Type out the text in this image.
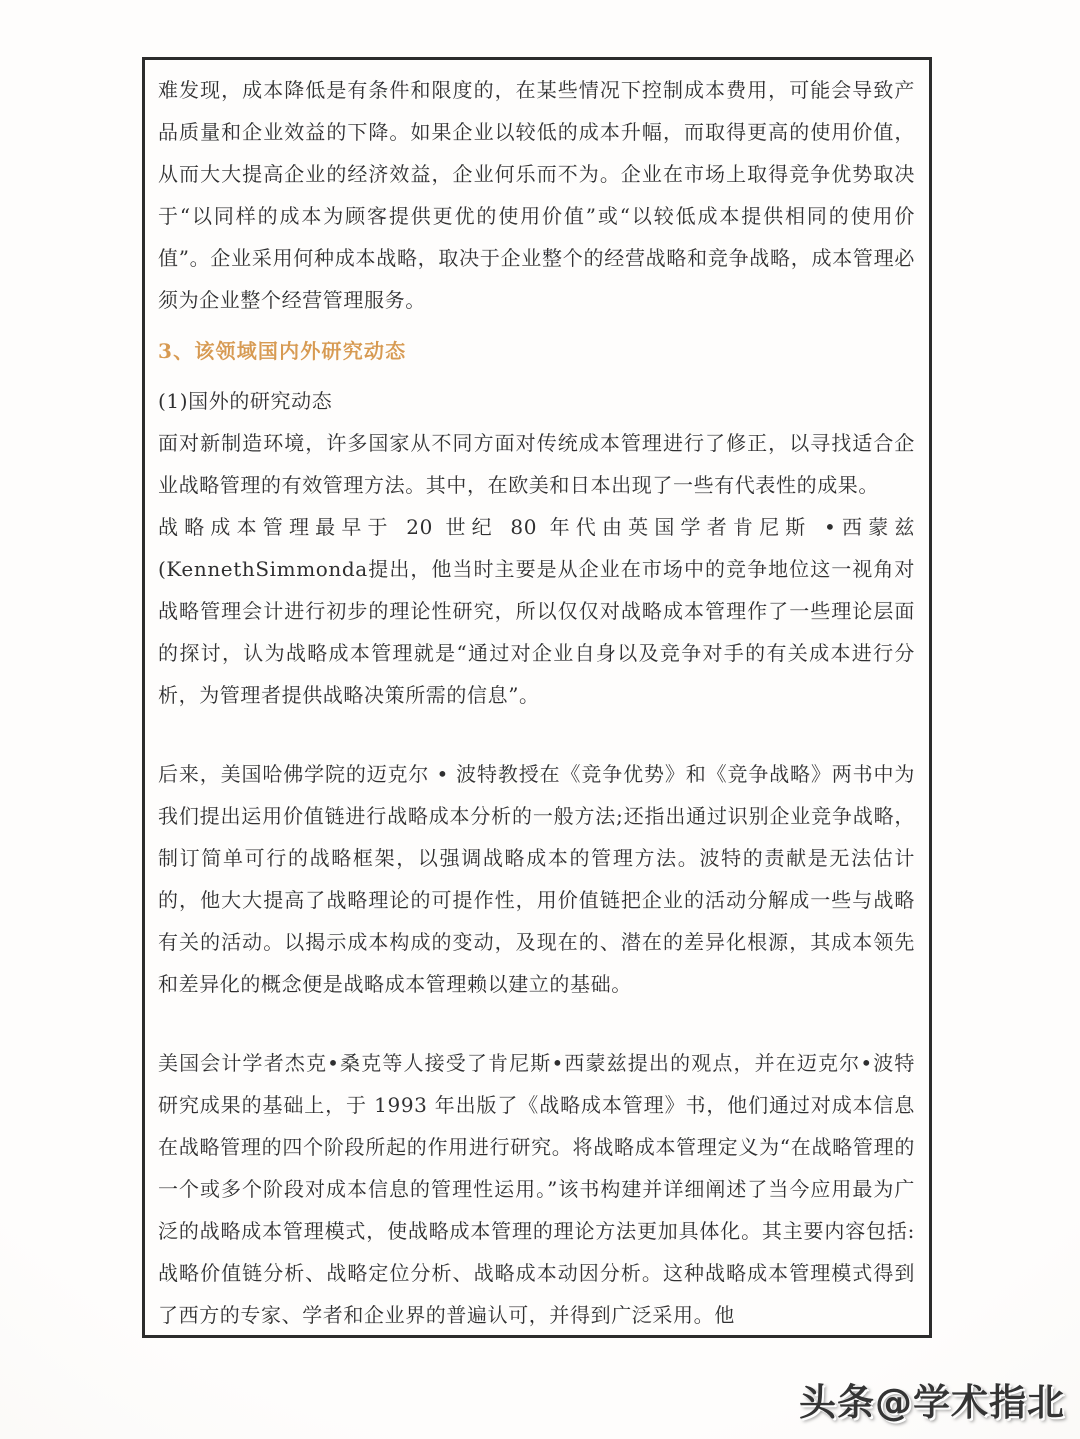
难发现，成本降低是有条件和限度的，在某些情况下控制成本费用，可能会导致产品质量和企业效益的下降。如果企业以较低的成本升幅，而取得更高的使用价值，从而大大提高企业的经济效益，企业何乐而不为。企业在市场上取得竞争优势取决于“以同样的成本为顾客提供更优的使用价值”或“以较低成本提供相同的使用价值”。企业采用何种成本战略，取决于企业整个的经营战略和竞争战略，成本管理必须为企业整个经营管理服务。

3、该领域国内外研究动态

(1)国外的研究动态

面对新制造环境，许多国家从不同方面对传统成本管理进行了修正，以寻找适合企业战略管理的有效管理方法。其中，在欧美和日本出现了一些有代表性的成果。

战略成本管理最早于 20 世纪 80 年代由英国学者肯尼斯 •西蒙兹(KennethSimmonda提出，他当时主要是从企业在市场中的竞争地位这一视角对战略管理会计进行初步的理论性研究，所以仅仅对战略成本管理作了一些理论层面的探讨，认为战略成本管理就是“通过对企业自身以及竞争对手的有关成本进行分析，为管理者提供战略决策所需的信息”。

后来，美国哈佛学院的迈克尔 • 波特教授在《竞争优势》和《竞争战略》两书中为我们提出运用价值链进行战略成本分析的一般方法;还指出通过识别企业竞争战略，制订简单可行的战略框架，以强调战略成本的管理方法。波特的责献是无法估计的，他大大提高了战略理论的可提作性，用价值链把企业的活动分解成一些与战略有关的活动。以揭示成本构成的变动，及现在的、潜在的差异化根源，其成本领先和差异化的概念便是战略成本管理赖以建立的基础。

美国会计学者杰克•桑克等人接受了肯尼斯•西蒙兹提出的观点，并在迈克尔•波特研究成果的基础上，于 1993 年出版了《战略成本管理》书，他们通过对成本信息在战略管理的四个阶段所起的作用进行研究。将战略成本管理定义为“在战略管理的一个或多个阶段对成本信息的管理性运用。”该书构建并详细阐述了当今应用最为广泛的战略成本管理模式，使战略成本管理的理论方法更加具体化。其主要内容包括:战略价值链分析、战略定位分析、战略成本动因分析。这种战略成本管理模式得到了西方的专家、学者和企业界的普遍认可，并得到广泛采用。他

头条@学术指北
